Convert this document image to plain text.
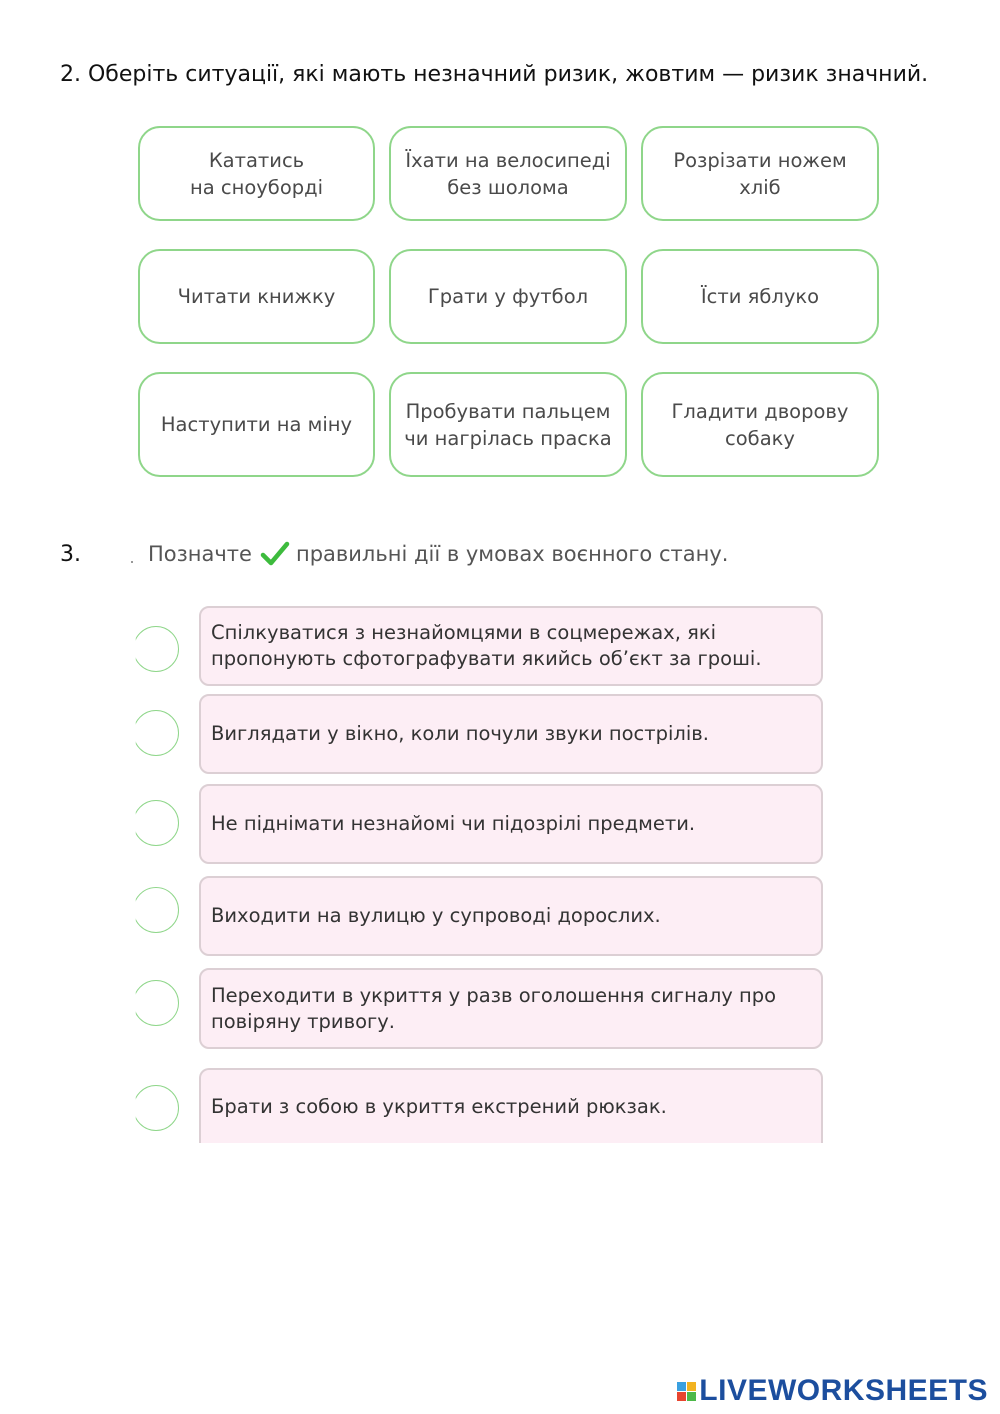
2. Оберіть ситуації, які мають незначний ризик, жовтим — ризик значний.
Кататись
на сноуборді
Їхати на велосипеді
без шолома
Розрізати ножем
хліб
Читати книжку	Грати у футбол	Їсти яблуко
Наступити на міну
Пробувати пальцем
чи нагрілась праска
Гладити дворову
собаку
3.	Позначте правильні дії в умовах воєнного стану.
Спілкуватися з незнайомцями в соцмережах, які пропонують сфотографувати якийсь об’єкт за гроші.
Виглядати у вікно, коли почули звуки пострілів.
Не піднімати незнайомі чи підозрілі предмети.
Виходити на вулицю у супроводі дорослих.
Переходити в укриття у разв оголошення сигналу про повіряну тривогу.
Брати з собою в укриття екстрений рюкзак.
LIVEWORKSHEETS
